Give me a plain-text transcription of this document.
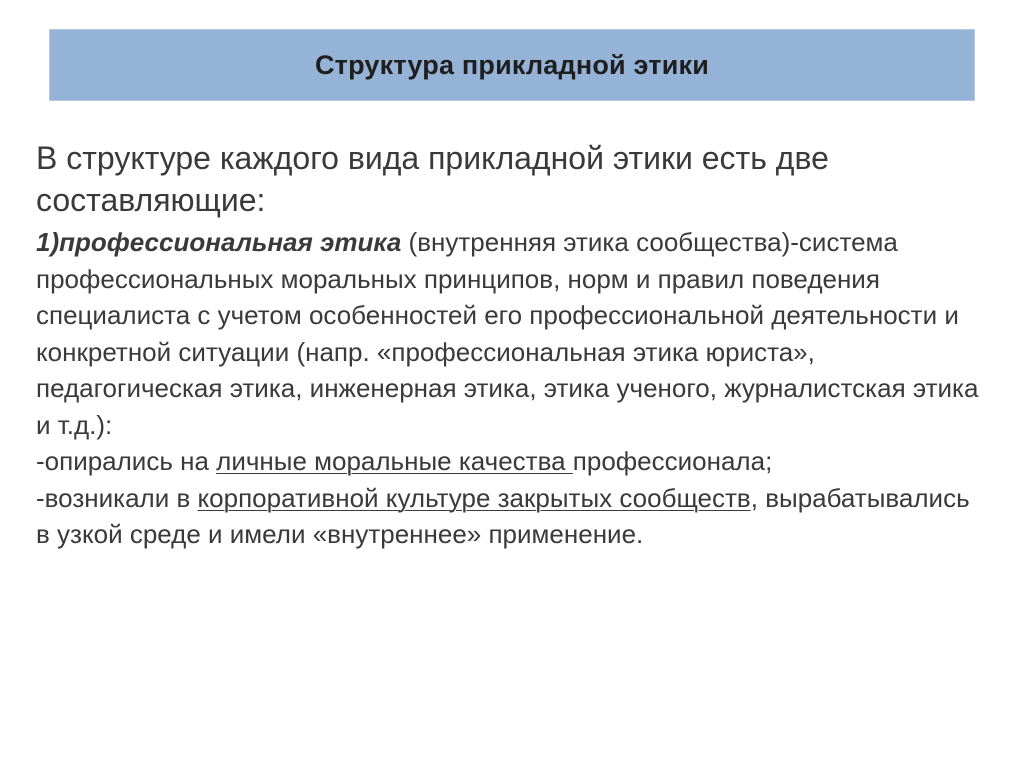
Структура прикладной этики

В структуре каждого вида прикладной этики есть две составляющие:

1)профессиональная этика (внутренняя этика сообщества)-система профессиональных моральных принципов, норм и правил поведения специалиста с учетом особенностей его профессиональной деятельности и конкретной ситуации (напр. «профессиональная этика юриста», педагогическая этика, инженерная этика, этика ученого, журналистская этика и т.д.):

-опирались на личные моральные качества профессионала;

-возникали в корпоративной культуре закрытых сообществ, вырабатывались в узкой среде и имели «внутреннее» применение.
